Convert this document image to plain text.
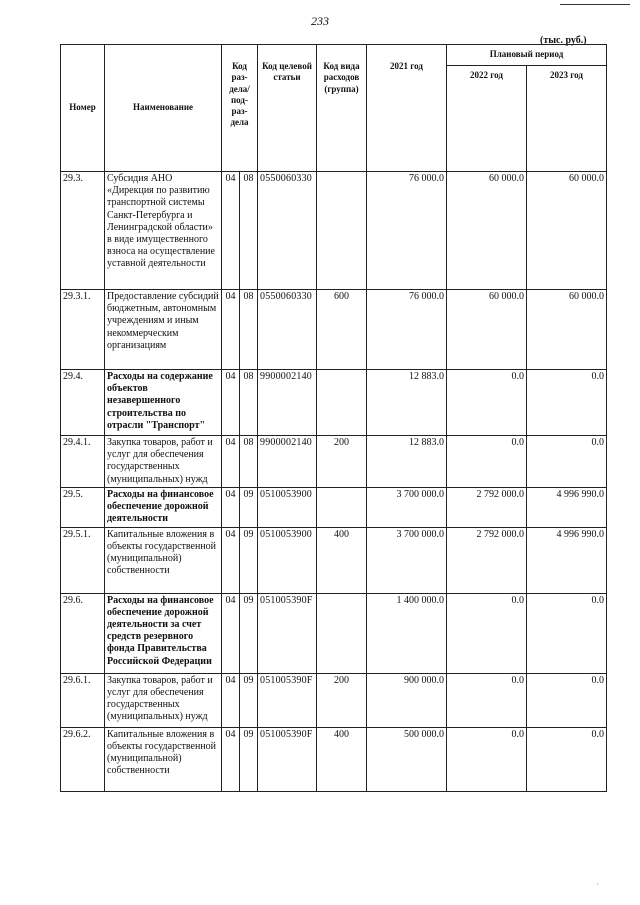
233
(тыс. руб.)
Номер	Наименование	Код раз-дела/ под-раз-дела		Код целевой статьи	Код вида расходов (группа)	2021 год	Плановый период	
							2022 год	2023 год
29.3.	Субсидия АНО «Дирекция по развитию транспортной системы Санкт-Петербурга и Ленинградской области» в виде имущественного взноса на осуществление уставной деятельности	04	08	0550060330		76 000.0	60 000.0	60 000.0
29.3.1.	Предоставление субсидий бюджетным, автономным учреждениям и иным некоммерческим организациям	04	08	0550060330	600	76 000.0	60 000.0	60 000.0
29.4.	Расходы на содержание объектов незавершенного строительства по отрасли "Транспорт"	04	08	9900002140		12 883.0	0.0	0.0
29.4.1.	Закупка товаров, работ и услуг для обеспечения государственных (муниципальных) нужд	04	08	9900002140	200	12 883.0	0.0	0.0
29.5.	Расходы на финансовое обеспечение дорожной деятельности	04	09	0510053900		3 700 000.0	2 792 000.0	4 996 990.0
29.5.1.	Капитальные вложения в объекты государственной (муниципальной) собственности	04	09	0510053900	400	3 700 000.0	2 792 000.0	4 996 990.0
29.6.	Расходы на финансовое обеспечение дорожной деятельности за счет средств резервного фонда Правительства Российской Федерации	04	09	051005390F		1 400 000.0	0.0	0.0
29.6.1.	Закупка товаров, работ и услуг для обеспечения государственных (муниципальных) нужд	04	09	051005390F	200	900 000.0	0.0	0.0
29.6.2.	Капитальные вложения в объекты государственной (муниципальной) собственности	04	09	051005390F	400	500 000.0	0.0	0.0
·
